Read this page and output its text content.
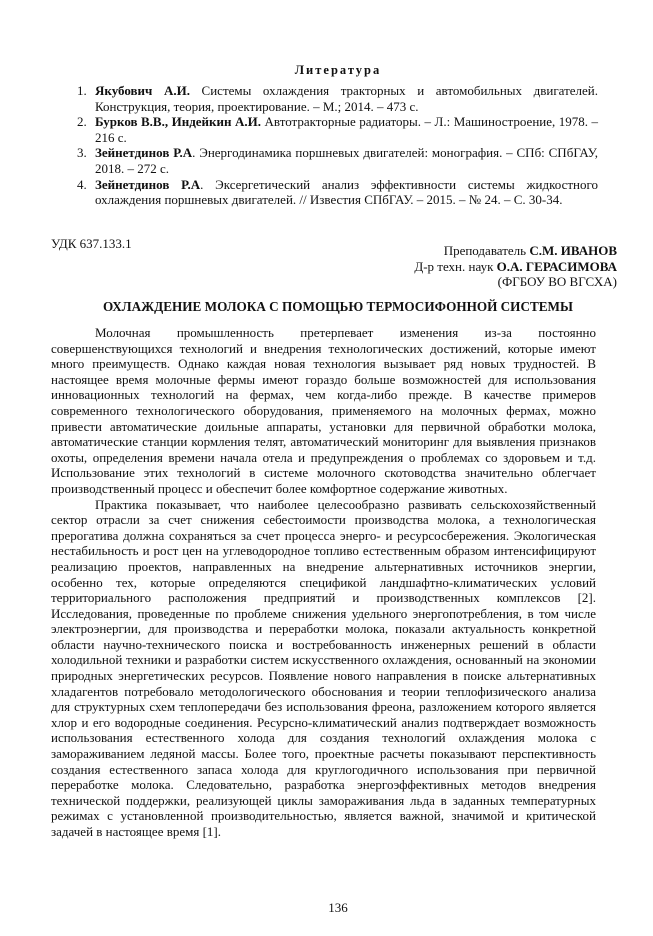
Литература
1. Якубович А.И. Системы охлаждения тракторных и автомобильных двигателей. Конструкция, теория, проектирование. – М.; 2014. – 473 с.
2. Бурков В.В., Индейкин А.И. Автотракторные радиаторы. – Л.: Машиностроение, 1978. – 216 с.
3. Зейнетдинов Р.А. Энергодинамика поршневых двигателей: монография. – СПб: СПбГАУ, 2018. – 272 с.
4. Зейнетдинов Р.А. Эксергетический анализ эффективности системы жидкостного охлаждения поршневых двигателей. // Известия СПбГАУ. – 2015. – № 24. – С. 30-34.
УДК 637.133.1	Преподаватель С.М. ИВАНОВ
Д-р техн. наук О.А. ГЕРАСИМОВА
(ФГБОУ ВО ВГСХА)
ОХЛАЖДЕНИЕ МОЛОКА С ПОМОЩЬЮ ТЕРМОСИФОННОЙ СИСТЕМЫ

Молочная промышленность претерпевает изменения из-за постоянно совершенствующихся технологий и внедрения технологических достижений, которые имеют много преимуществ. Однако каждая новая технология вызывает ряд новых трудностей. В настоящее время молочные фермы имеют гораздо больше возможностей для использования инновационных технологий на фермах, чем когда-либо прежде. В качестве примеров современного технологического оборудования, применяемого на молочных фермах, можно привести автоматические доильные аппараты, установки для первичной обработки молока, автоматические станции кормления телят, автоматический мониторинг для выявления признаков охоты, определения времени начала отела и предупреждения о проблемах со здоровьем и т.д. Использование этих технологий в системе молочного скотоводства значительно облегчает производственный процесс и обеспечит более комфортное содержание животных.

Практика показывает, что наиболее целесообразно развивать сельскохозяйственный сектор отрасли за счет снижения себестоимости производства молока, а технологическая прерогатива должна сохраняться за счет процесса энерго- и ресурсосбережения. Экологическая нестабильность и рост цен на углеводородное топливо естественным образом интенсифицируют реализацию проектов, направленных на внедрение альтернативных источников энергии, особенно тех, которые определяются спецификой ландшафтно-климатических условий территориального расположения предприятий и производственных комплексов [2]. Исследования, проведенные по проблеме снижения удельного энергопотребления, в том числе электроэнергии, для производства и переработки молока, показали актуальность конкретной области научно-технического поиска и востребованность инженерных решений в области холодильной техники и разработки систем искусственного охлаждения, основанный на экономии природных энергетических ресурсов. Появление нового направления в поиске альтернативных хладагентов потребовало методологического обоснования и теории теплофизического анализа для структурных схем теплопередачи без использования фреона, разложением которого является хлор и его водородные соединения. Ресурсно-климатический анализ подтверждает возможность использования естественного холода для создания технологий охлаждения молока с замораживанием ледяной массы. Более того, проектные расчеты показывают перспективность создания естественного запаса холода для круглогодичного использования при первичной переработке молока. Следовательно, разработка энергоэффективных методов внедрения технической поддержки, реализующей циклы замораживания льда в заданных температурных режимах с установленной производительностью, является важной, значимой и критической задачей в настоящее время [1].

136
